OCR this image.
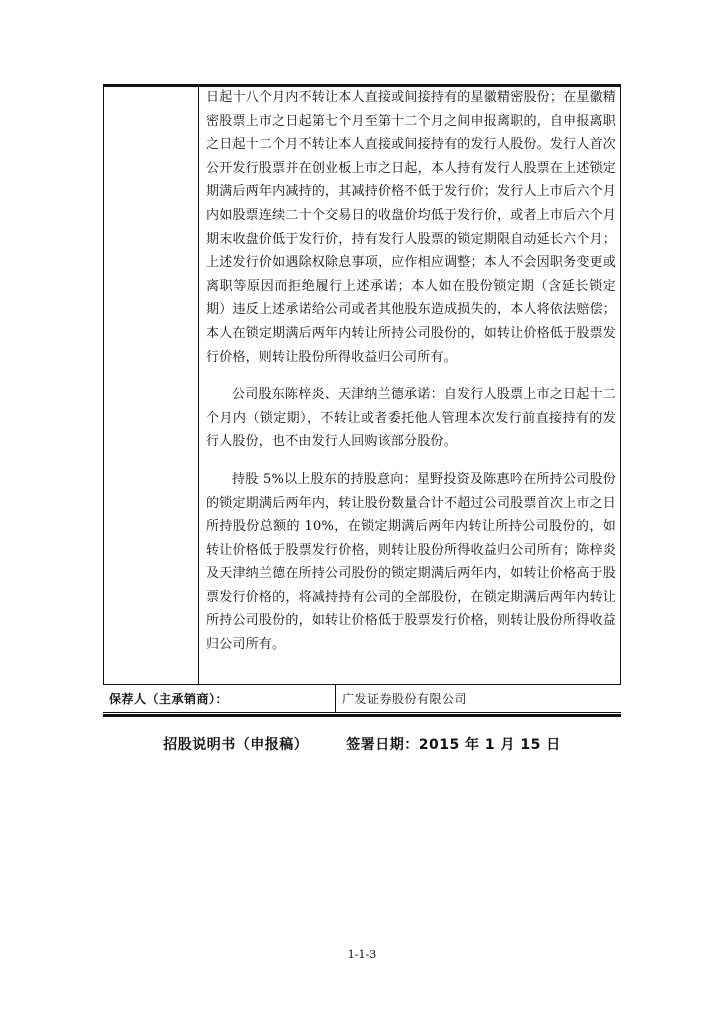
日起十八个月内不转让本人直接或间接持有的星徽精密股份；在星徽精密股票上市之日起第七个月至第十二个月之间申报离职的，自申报离职之日起十二个月不转让本人直接或间接持有的发行人股份。发行人首次公开发行股票并在创业板上市之日起，本人持有发行人股票在上述锁定期满后两年内减持的，其减持价格不低于发行价；发行人上市后六个月内如股票连续二十个交易日的收盘价均低于发行价，或者上市后六个月期末收盘价低于发行价，持有发行人股票的锁定期限自动延长六个月；上述发行价如遇除权除息事项，应作相应调整；本人不会因职务变更或离职等原因而拒绝履行上述承诺；本人如在股份锁定期（含延长锁定期）违反上述承诺给公司或者其他股东造成损失的，本人将依法赔偿；本人在锁定期满后两年内转让所持公司股份的，如转让价格低于股票发行价格，则转让股份所得收益归公司所有。

公司股东陈梓炎、天津纳兰德承诺：自发行人股票上市之日起十二个月内（锁定期），不转让或者委托他人管理本次发行前直接持有的发行人股份，也不由发行人回购该部分股份。

持股 5%以上股东的持股意向：星野投资及陈惠吟在所持公司股份的锁定期满后两年内，转让股份数量合计不超过公司股票首次上市之日所持股份总额的 10%，在锁定期满后两年内转让所持公司股份的，如转让价格低于股票发行价格，则转让股份所得收益归公司所有；陈梓炎及天津纳兰德在所持公司股份的锁定期满后两年内，如转让价格高于股票发行价格的，将减持持有公司的全部股份，在锁定期满后两年内转让所持公司股份的，如转让价格低于股票发行价格，则转让股份所得收益归公司所有。

保荐人（主承销商）：	广发证券股份有限公司
招股说明书（申报稿）	签署日期：2015 年 1 月 15 日
1-1-3
